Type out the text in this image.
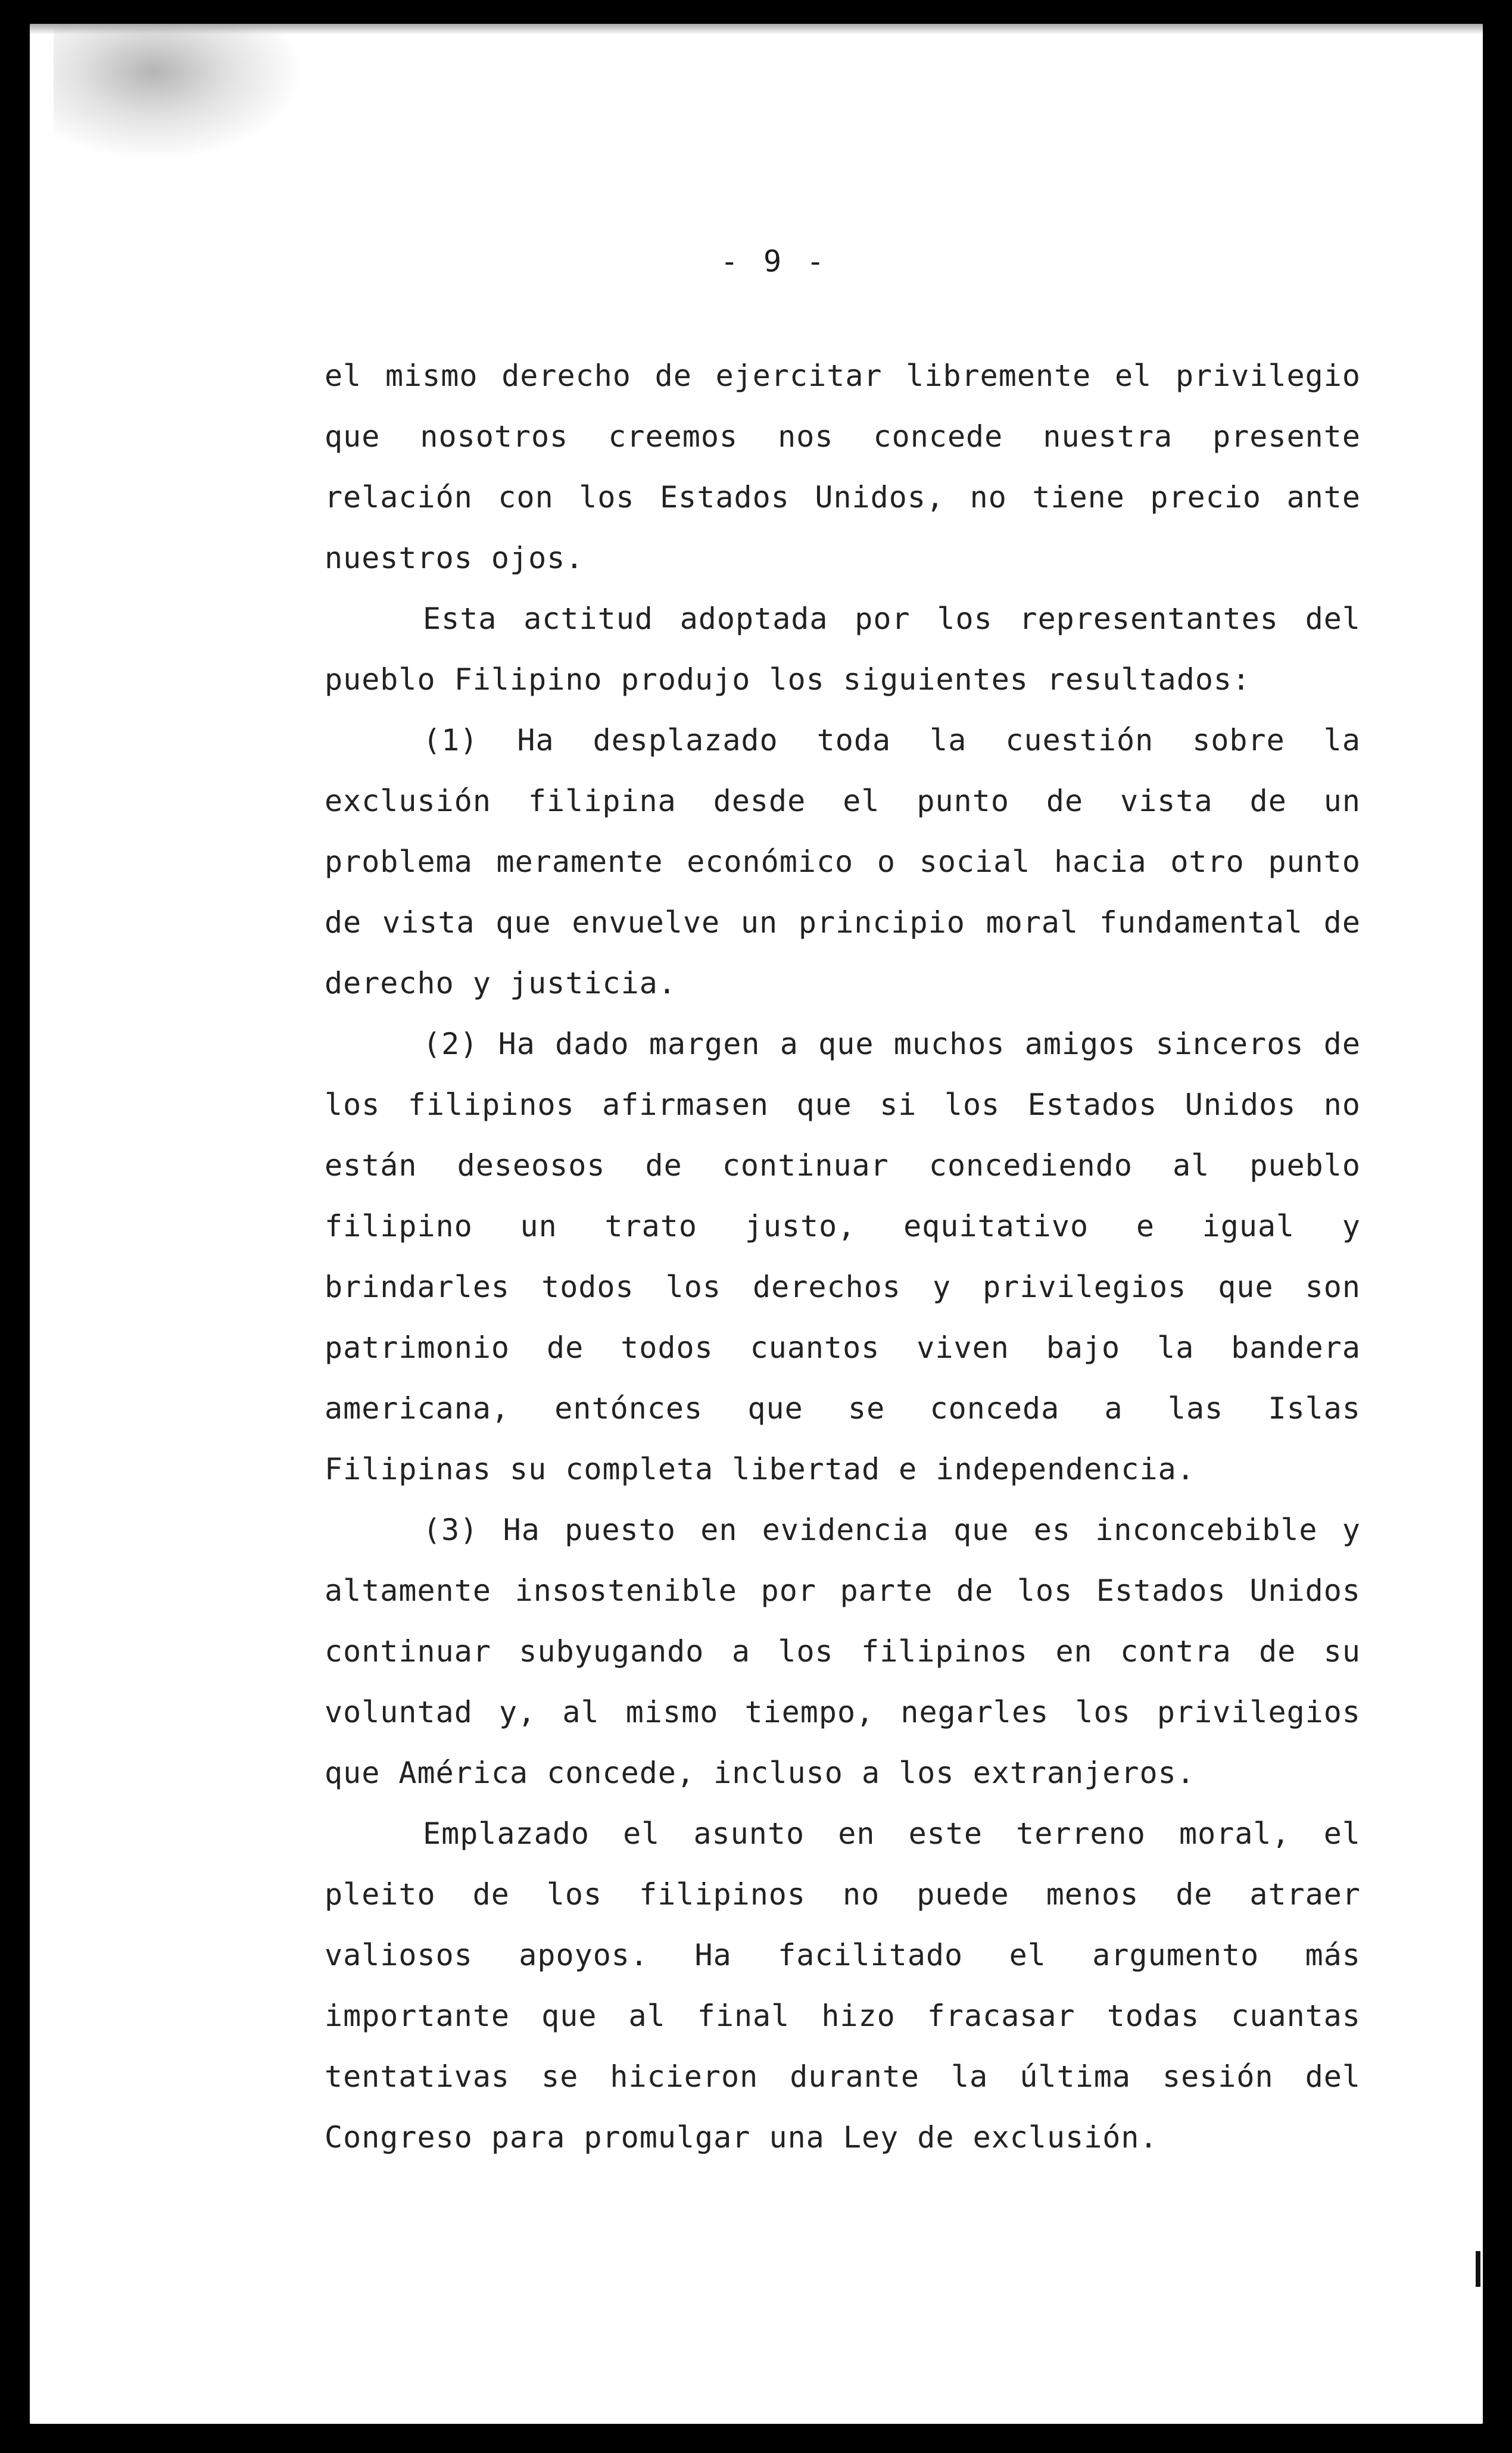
- 9 -

el mismo derecho de ejercitar libremente el privilegio que nosotros creemos nos concede nuestra presente relación con los Estados Unidos, no tiene precio ante nuestros ojos.

Esta actitud adoptada por los representantes del pueblo Filipino produjo los siguientes resultados:

(1) Ha desplazado toda la cuestión sobre la exclusión filipina desde el punto de vista de un problema meramente económico o social hacia otro punto de vista que envuelve un principio moral fundamental de derecho y justicia.

(2) Ha dado margen a que muchos amigos sinceros de los filipinos afirmasen que si los Estados Unidos no están deseosos de continuar concediendo al pueblo filipino un trato justo, equitativo e igual y brindarles todos los derechos y privilegios que son patrimonio de todos cuantos viven bajo la bandera americana, entónces que se conceda a las Islas Filipinas su completa libertad e independencia.

(3) Ha puesto en evidencia que es inconcebible y altamente insostenible por parte de los Estados Unidos continuar subyugando a los filipinos en contra de su voluntad y, al mismo tiempo, negarles los privilegios que América concede, incluso a los extranjeros.

Emplazado el asunto en este terreno moral, el pleito de los filipinos no puede menos de atraer valiosos apoyos. Ha facilitado el argumento más importante que al final hizo fracasar todas cuantas tentativas se hicieron durante la última sesión del Congreso para promulgar una Ley de exclusión.
